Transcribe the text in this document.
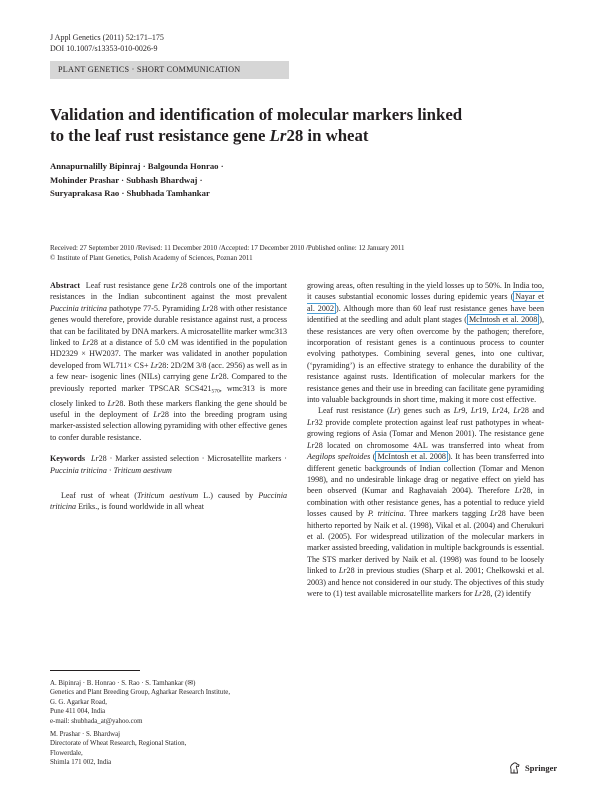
J Appl Genetics (2011) 52:171–175
DOI 10.1007/s13353-010-0026-9
PLANT GENETICS · SHORT COMMUNICATION
Validation and identification of molecular markers linked
to the leaf rust resistance gene Lr28 in wheat
Annapurnalilly Bipinraj · Balgounda Honrao ·
Mohinder Prashar · Subhash Bhardwaj ·
Suryaprakasa Rao · Shubhada Tamhankar
Received: 27 September 2010 /Revised: 11 December 2010 /Accepted: 17 December 2010 /Published online: 12 January 2011
© Institute of Plant Genetics, Polish Academy of Sciences, Poznan 2011

Abstract Leaf rust resistance gene Lr28 controls one of the important resistances in the Indian subcontinent against the most prevalent Puccinia triticina pathotype 77-5. Pyramiding Lr28 with other resistance genes would therefore, provide durable resistance against rust, a process that can be facilitated by DNA markers. A microsatellite marker wmc313 linked to Lr28 at a distance of 5.0 cM was identified in the population HD2329 × HW2037. The marker was validated in another population developed from WL711× CS+ Lr28: 2D/2M 3/8 (acc. 2956) as well as in a few near- isogenic lines (NILs) carrying gene Lr28. Compared to the previously reported marker TPSCAR $SCS421_{570}$, wmc313 is more closely linked to Lr28. Both these markers flanking the gene should be useful in the deployment of Lr28 into the breeding program using marker-assisted selection allowing pyramiding with other effective genes to confer durable resistance.

Keywords Lr28 · Marker assisted selection · Microsatellite markers · Puccinia triticina · Triticum aestivum

Leaf rust of wheat (Triticum aestivum L.) caused by Puccinia triticina Eriks., is found worldwide in all wheat

A. Bipinraj · B. Honrao · S. Rao · S. Tamhankar (✉)
Genetics and Plant Breeding Group, Agharkar Research Institute,
G. G. Agarkar Road,
Pune 411 004, India
e-mail: shubhada_at@yahoo.com
M. Prashar · S. Bhardwaj
Directorate of Wheat Research, Regional Station,
Flowerdale,
Shimla 171 002, India

growing areas, often resulting in the yield losses up to 50%. In India too, it causes substantial economic losses during epidemic years ( Nayar et al. 2002 ). Although more than 60 leaf rust resistance genes have been identified at the seedling and adult plant stages ( McIntosh et al. 2008 ), these resistances are very often overcome by the pathogen; therefore, incorporation of resistant genes is a continuous process to counter evolving pathotypes. Combining several genes, into one cultivar, (‘pyramiding’) is an effective strategy to enhance the durability of the resistance against rusts. Identification of molecular markers for the resistance genes and their use in breeding can facilitate gene pyramiding into valuable backgrounds in short time, making it more cost effective.

Leaf rust resistance (Lr) genes such as Lr9, Lr19, Lr24, Lr28 and Lr32 provide complete protection against leaf rust pathotypes in wheat-growing regions of Asia (Tomar and Menon 2001). The resistance gene Lr28 located on chromosome 4AL was transferred into wheat from Aegilops speltoides ( McIntosh et al. 2008 ). It has been transferred into different genetic backgrounds of Indian collection (Tomar and Menon 1998), and no undesirable linkage drag or negative effect on yield has been observed (Kumar and Raghavaiah 2004). Therefore Lr28, in combination with other resistance genes, has a potential to reduce yield losses caused by P. triticina. Three markers tagging Lr28 have been hitherto reported by Naik et al. (1998), Vikal et al. (2004) and Cherukuri et al. (2005). For widespread utilization of the molecular markers in marker assisted breeding, validation in multiple backgrounds is essential. The STS marker derived by Naik et al. (1998) was found to be loosely linked to Lr28 in previous studies (Sharp et al. 2001; Chełkowski et al. 2003) and hence not considered in our study. The objectives of this study were to (1) test available microsatellite markers for Lr28, (2) identify

Springer
